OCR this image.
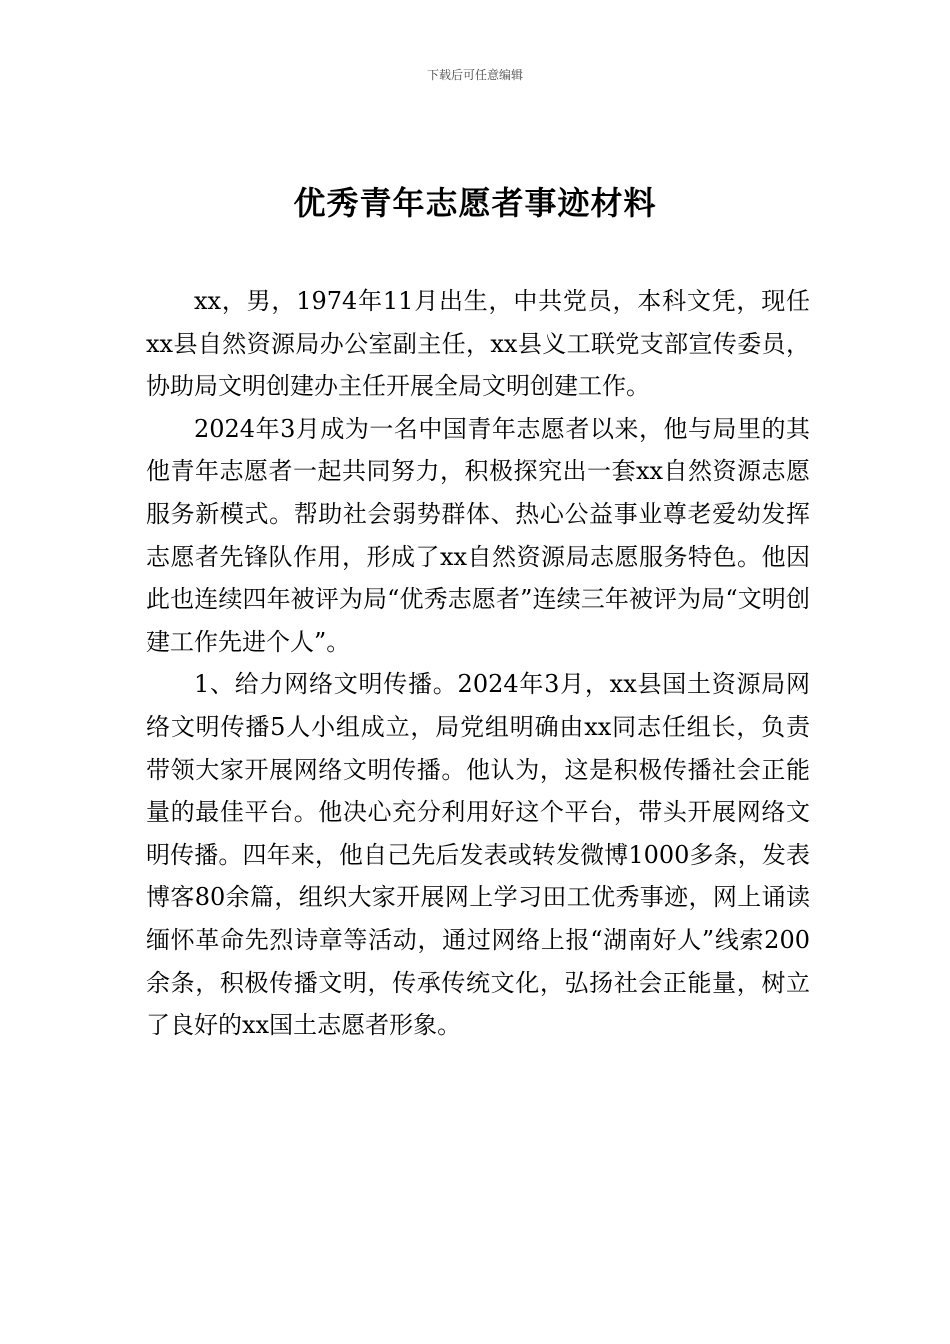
下载后可任意编辑
优秀青年志愿者事迹材料

xx，男，1974年11月出生，中共党员，本科文凭，现任xx县自然资源局办公室副主任，xx县义工联党支部宣传委员，协助局文明创建办主任开展全局文明创建工作。

2024年3月成为一名中国青年志愿者以来，他与局里的其他青年志愿者一起共同努力，积极探究出一套xx自然资源志愿服务新模式。帮助社会弱势群体、热心公益事业尊老爱幼发挥志愿者先锋队作用，形成了xx自然资源局志愿服务特色。他因此也连续四年被评为局“优秀志愿者”连续三年被评为局“文明创建工作先进个人”。

1、给力网络文明传播。2024年3月，xx县国土资源局网络文明传播5人小组成立，局党组明确由xx同志任组长，负责带领大家开展网络文明传播。他认为，这是积极传播社会正能量的最佳平台。他决心充分利用好这个平台，带头开展网络文明传播。四年来，他自己先后发表或转发微博1000多条，发表博客80余篇，组织大家开展网上学习田工优秀事迹，网上诵读缅怀革命先烈诗章等活动，通过网络上报“湖南好人”线索200余条，积极传播文明，传承传统文化，弘扬社会正能量，树立了良好的xx国土志愿者形象。
